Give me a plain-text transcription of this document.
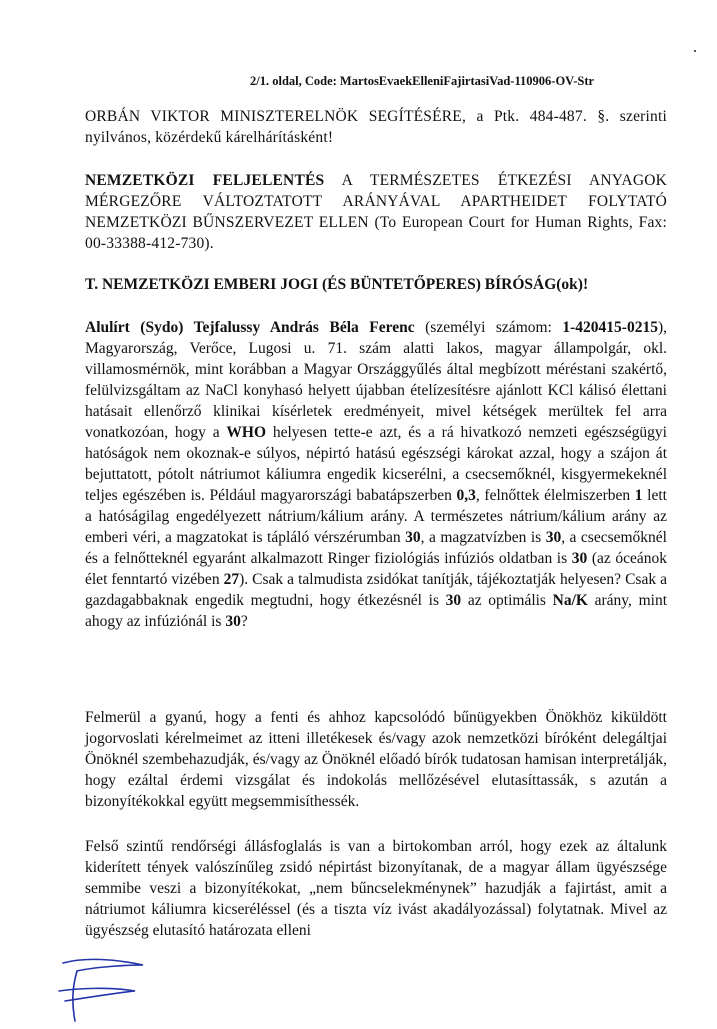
2/1. oldal, Code: MartosEvaekElleniFajirtasiVad-110906-OV-Str
ORBÁN VIKTOR MINISZTERELNÖK SEGÍTÉSÉRE, a Ptk. 484-487. §. szerinti nyilvános, közérdekű kárelhárításként!
NEMZETKÖZI FELJELENTÉS A TERMÉSZETES ÉTKEZÉSI ANYAGOK MÉRGEZŐRE VÁLTOZTATOTT ARÁNYÁVAL APARTHEIDET FOLYTATÓ NEMZETKÖZI BŰNSZERVEZET ELLEN (To European Court for Human Rights, Fax: 00-33388-412-730).
T. NEMZETKÖZI EMBERI JOGI (ÉS BÜNTETŐPERES) BÍRÓSÁG(ok)!
Alulírt (Sydo) Tejfalussy András Béla Ferenc (személyi számom: 1-420415-0215), Magyarország, Verőce, Lugosi u. 71. szám alatti lakos, magyar állampolgár, okl. villamosmérnök, mint korábban a Magyar Országgyűlés által megbízott méréstani szakértő, felülvizsgáltam az NaCl konyhasó helyett újabban ételízesítésre ajánlott KCl kálisó élettani hatásait ellenőrző klinikai kísérletek eredményeit, mivel kétségek merültek fel arra vonatkozóan, hogy a WHO helyesen tette-e azt, és a rá hivatkozó nemzeti egészségügyi hatóságok nem okoznak-e súlyos, népirtó hatású egészségi károkat azzal, hogy a szájon át bejuttatott, pótolt nátriumot káliumra engedik kicserélni, a csecsemőknél, kisgyermekeknél teljes egészében is. Például magyarországi babatápszerben 0,3, felnőttek élelmiszerben 1 lett a hatóságilag engedélyezett nátrium/kálium arány. A természetes nátrium/kálium arány az emberi véri, a magzatokat is tápláló vérszérumban 30, a magzatvízben is 30, a csecsemőknél és a felnőtteknél egyaránt alkalmazott Ringer fiziológiás infúziós oldatban is 30 (az óceánok élet fenntartó vizében 27). Csak a talmudista zsidókat tanítják, tájékoztatják helyesen? Csak a gazdagabbaknak engedik megtudni, hogy étkezésnél is 30 az optimális Na/K arány, mint ahogy az infúziónál is 30?
Felmerül a gyanú, hogy a fenti és ahhoz kapcsolódó bűnügyekben Önökhöz kiküldött jogorvoslati kérelmeimet az itteni illetékesek és/vagy azok nemzetközi bíróként delegáltjai Önöknél szembehazudják, és/vagy az Önöknél előadó bírók tudatosan hamisan interpretálják, hogy ezáltal érdemi vizsgálat és indokolás mellőzésével elutasíttassák, s azután a bizonyítékokkal együtt megsemmisíthessék.
Felső szintű rendőrségi állásfoglalás is van a birtokomban arról, hogy ezek az általunk kiderített tények valószínűleg zsidó népirtást bizonyítanak, de a magyar állam ügyészsége semmibe veszi a bizonyítékokat, „nem bűncselekménynek” hazudják a fajirtást, amit a nátriumot káliumra kicseréléssel (és a tiszta víz ivást akadályozással) folytatnak. Mivel az ügyészség elutasító határozata elleni
